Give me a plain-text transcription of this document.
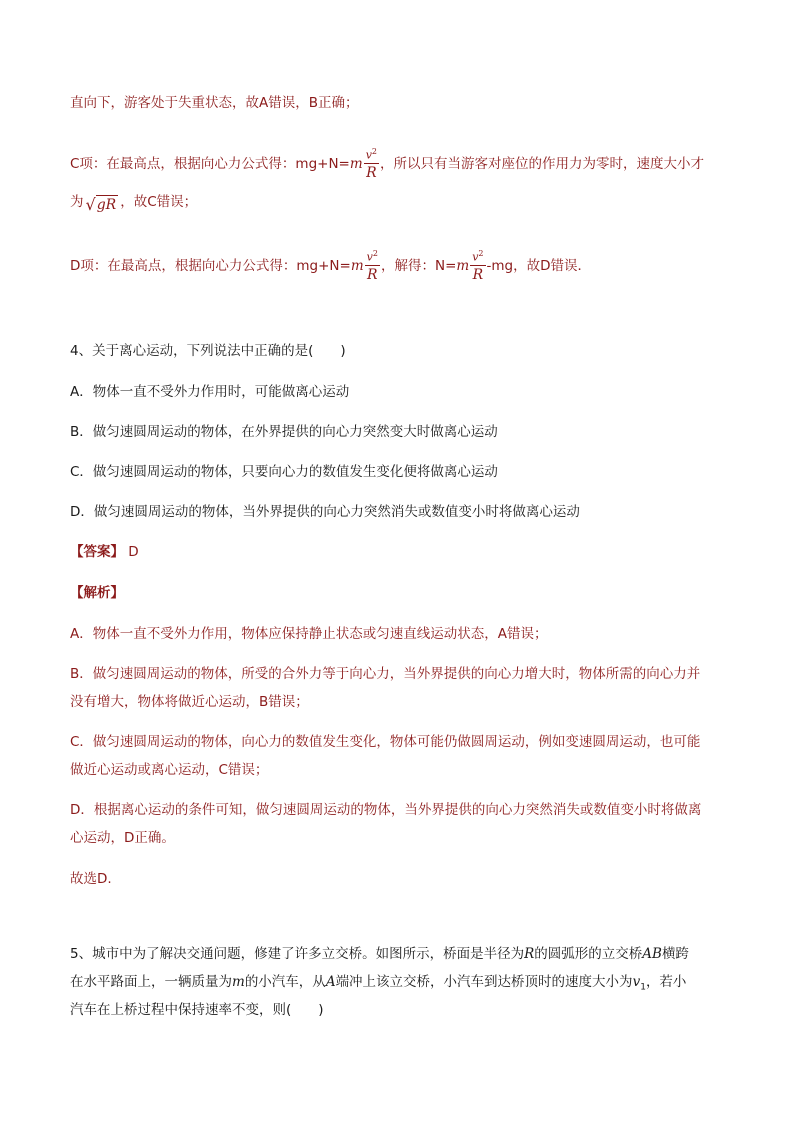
直向下，游客处于失重状态，故A错误，B正确；
C项：在最高点，根据向心力公式得：$mg+N=m \frac{v^2}{R}$ ，所以只有当游客对座位的作用力为零时，速度大小才
为 √ gR ，故C错误；
D项：在最高点，根据向心力公式得：$mg+N=m \frac{v^2}{R}$ ，解得：$N=m \frac{v^2}{R} -mg$，故D错误．
4、关于离心运动，下列说法中正确的是(　　)
A．物体一直不受外力作用时，可能做离心运动
B．做匀速圆周运动的物体，在外界提供的向心力突然变大时做离心运动
C．做匀速圆周运动的物体，只要向心力的数值发生变化便将做离心运动
D．做匀速圆周运动的物体，当外界提供的向心力突然消失或数值变小时将做离心运动
【答案】 D
【解析】
A．物体一直不受外力作用，物体应保持静止状态或匀速直线运动状态，A错误；
B．做匀速圆周运动的物体，所受的合外力等于向心力，当外界提供的向心力增大时，物体所需的向心力并
没有增大，物体将做近心运动，B错误；
C．做匀速圆周运动的物体，向心力的数值发生变化，物体可能仍做圆周运动，例如变速圆周运动，也可能
做近心运动或离心运动，C错误；
D．根据离心运动的条件可知，做匀速圆周运动的物体，当外界提供的向心力突然消失或数值变小时将做离
心运动，D正确。
故选D.
5、城市中为了解决交通问题，修建了许多立交桥。如图所示，桥面是半径为R的圆弧形的立交桥AB横跨
在水平路面上，一辆质量为m的小汽车，从A端冲上该立交桥，小汽车到达桥顶时的速度大小为$v_1$，若小
汽车在上桥过程中保持速率不变，则(　　)
